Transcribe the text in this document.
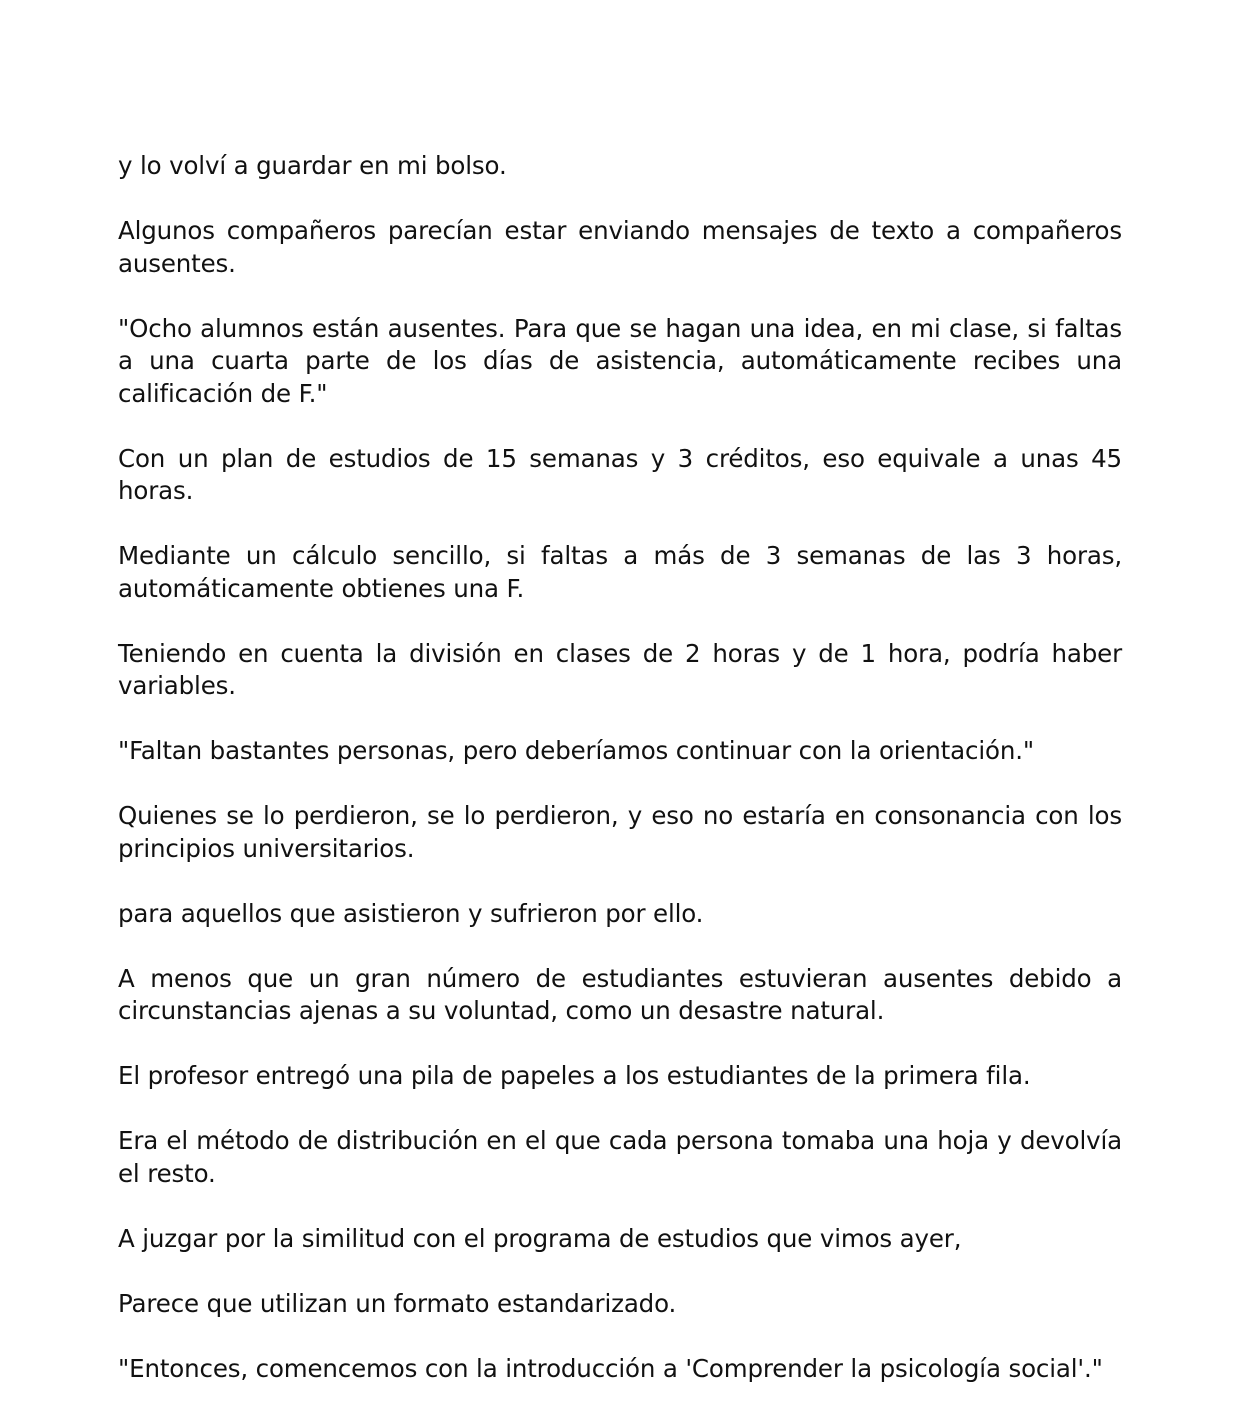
y lo volví a guardar en mi bolso.

Algunos compañeros parecían estar enviando mensajes de texto a compañeros ausentes.

"Ocho alumnos están ausentes. Para que se hagan una idea, en mi clase, si faltas a una cuarta parte de los días de asistencia, automáticamente recibes una calificación de F."

Con un plan de estudios de 15 semanas y 3 créditos, eso equivale a unas 45 horas.

Mediante un cálculo sencillo, si faltas a más de 3 semanas de las 3 horas, automáticamente obtienes una F.

Teniendo en cuenta la división en clases de 2 horas y de 1 hora, podría haber variables.

"Faltan bastantes personas, pero deberíamos continuar con la orientación."

Quienes se lo perdieron, se lo perdieron, y eso no estaría en consonancia con los principios universitarios.

para aquellos que asistieron y sufrieron por ello.

A menos que un gran número de estudiantes estuvieran ausentes debido a circunstancias ajenas a su voluntad, como un desastre natural.

El profesor entregó una pila de papeles a los estudiantes de la primera fila.

Era el método de distribución en el que cada persona tomaba una hoja y devolvía el resto.

A juzgar por la similitud con el programa de estudios que vimos ayer,

Parece que utilizan un formato estandarizado.

"Entonces, comencemos con la introducción a 'Comprender la psicología social'."
